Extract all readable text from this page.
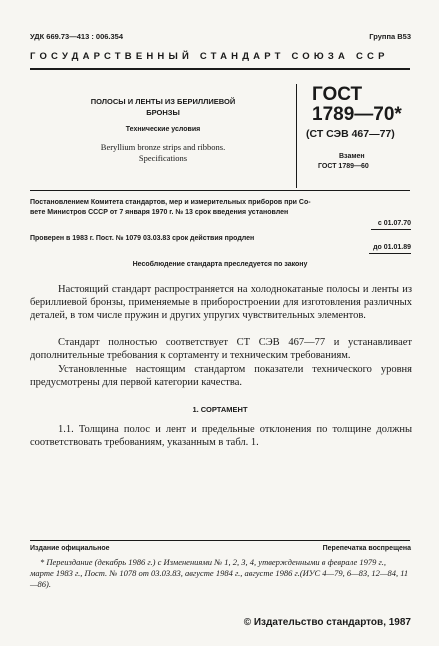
УДК 669.73—413 : 006.354	Группа В53
ГОСУДАРСТВЕННЫЙ СТАНДАРТ СОЮЗА ССР
ПОЛОСЫ И ЛЕНТЫ ИЗ БЕРИЛЛИЕВОЙ
БРОНЗЫ
Технические условия
Beryllium bronze strips and ribbons.
Specifications
ГОСТ
1789—70*
(СТ СЭВ 467—77)
Взамен
ГОСТ 1789—60
Постановлением Комитета стандартов, мер и измерительных приборов при Со-
вете Министров СССР от 7 января 1970 г. № 13 срок введения установлен
с 01.07.70
Проверен в 1983 г. Пост. № 1079 03.03.83 срок действия продлен
до 01.01.89
Несоблюдение стандарта преследуется по закону

Настоящий стандарт распространяется на холоднокатаные полосы и ленты из бериллиевой бронзы, применяемые в приборостроении для изготовления различных деталей, в том числе пружин и других упругих чувствительных элементов.

Стандарт полностью соответствует СТ СЭВ 467—77 и устанавливает дополнительные требования к сортаменту и техническим требованиям.

Установленные настоящим стандартом показатели технического уровня предусмотрены для первой категории качества.

1. СОРТАМЕНТ

1.1. Толщина полос и лент и предельные отклонения по толщине должны соответствовать требованиям, указанным в табл. 1.

Издание официальное	Перепечатка воспрещена

* Переиздание (декабрь 1986 г.) с Изменениями № 1, 2, 3, 4, утвержденными в феврале 1979 г., марте 1983 г., Пост. № 1078 от 03.03.83, августе 1984 г., августе 1986 г.(ИУС 4—79, 6—83, 12—84, 11—86).

© Издательство стандартов, 1987
